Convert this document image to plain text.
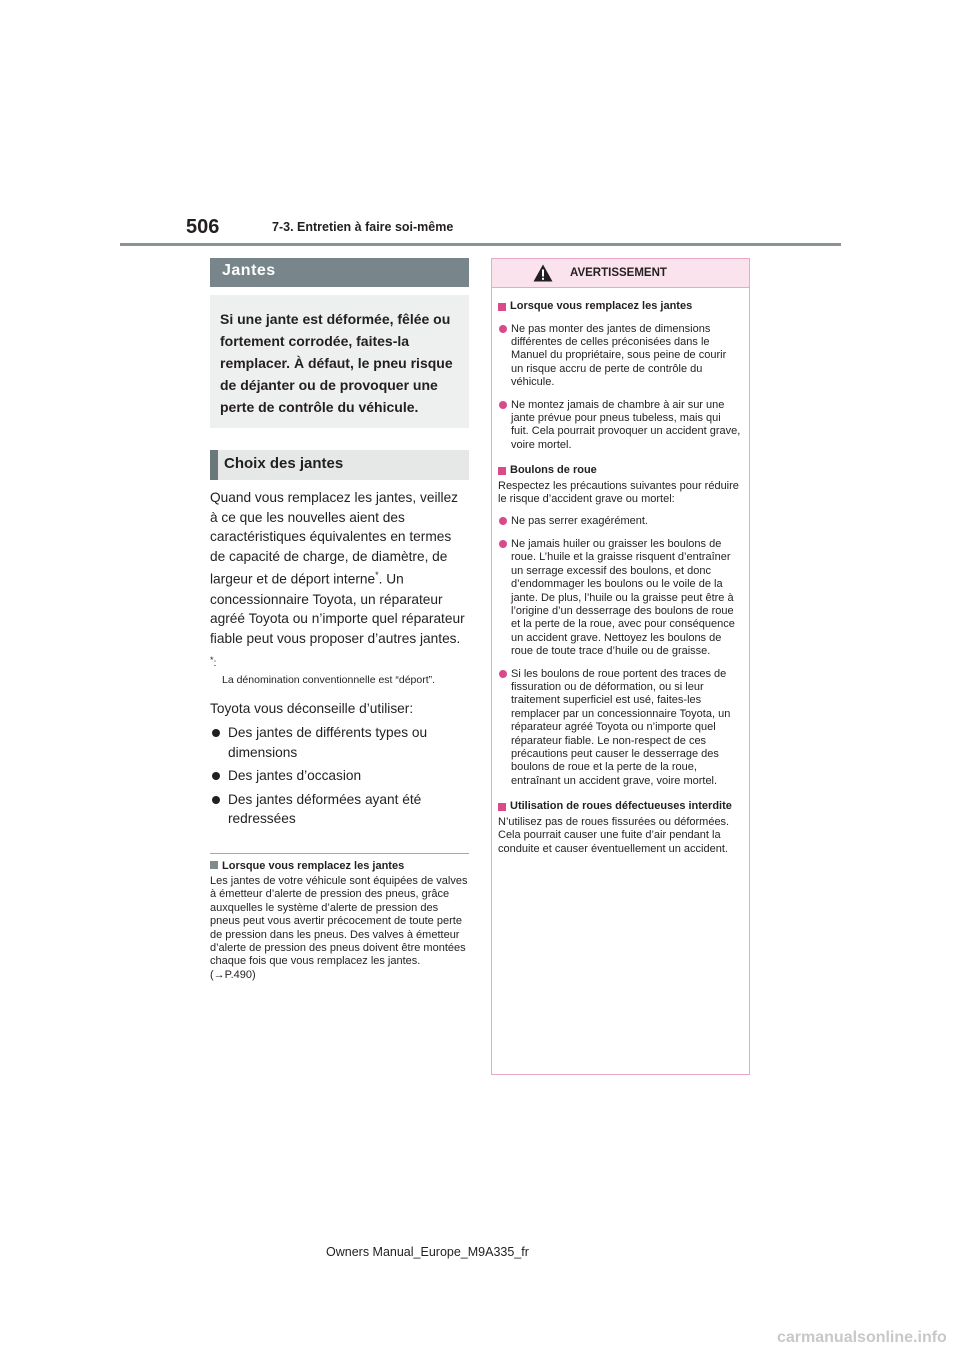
506	7-3. Entretien à faire soi-même
Jantes
Si une jante est déformée, fêlée ou fortement corrodée, faites-la remplacer. À défaut, le pneu risque de déjanter ou de provoquer une perte de contrôle du véhicule.
Choix des jantes
Quand vous remplacez les jantes, veillez à ce que les nouvelles aient des caractéristiques équivalentes en termes de capacité de charge, de diamètre, de largeur et de déport interne*. Un concessionnaire Toyota, un réparateur agréé Toyota ou n’importe quel réparateur fiable peut vous proposer d’autres jantes.
*:
La dénomination conventionnelle est “déport”.
Toyota vous déconseille d’utiliser:
Des jantes de différents types ou dimensions
Des jantes d’occasion
Des jantes déformées ayant été redressées
Lorsque vous remplacez les jantes
Les jantes de votre véhicule sont équipées de valves à émetteur d’alerte de pression des pneus, grâce auxquelles le système d’alerte de pression des pneus peut vous avertir précocement de toute perte de pression dans les pneus. Des valves à émetteur d’alerte de pression des pneus doivent être montées chaque fois que vous remplacez les jantes. (→P.490)
AVERTISSEMENT
Lorsque vous remplacez les jantes
Ne pas monter des jantes de dimensions différentes de celles préconisées dans le Manuel du propriétaire, sous peine de courir un risque accru de perte de contrôle du véhicule.
Ne montez jamais de chambre à air sur une jante prévue pour pneus tubeless, mais qui fuit. Cela pourrait provoquer un accident grave, voire mortel.
Boulons de roue
Respectez les précautions suivantes pour réduire le risque d’accident grave ou mortel:
Ne pas serrer exagérément.
Ne jamais huiler ou graisser les boulons de roue. L’huile et la graisse risquent d’entraîner un serrage excessif des boulons, et donc d’endommager les boulons ou le voile de la jante. De plus, l’huile ou la graisse peut être à l’origine d’un desserrage des boulons de roue et la perte de la roue, avec pour conséquence un accident grave. Nettoyez les boulons de roue de toute trace d’huile ou de graisse.
Si les boulons de roue portent des traces de fissuration ou de déformation, ou si leur traitement superficiel est usé, faites-les remplacer par un concessionnaire Toyota, un réparateur agréé Toyota ou n’importe quel réparateur fiable. Le non-respect de ces précautions peut causer le desserrage des boulons de roue et la perte de la roue, entraînant un accident grave, voire mortel.
Utilisation de roues défectueuses interdite
N’utilisez pas de roues fissurées ou déformées.
Cela pourrait causer une fuite d’air pendant la conduite et causer éventuellement un accident.
Owners Manual_Europe_M9A335_fr
carmanualsonline.info
